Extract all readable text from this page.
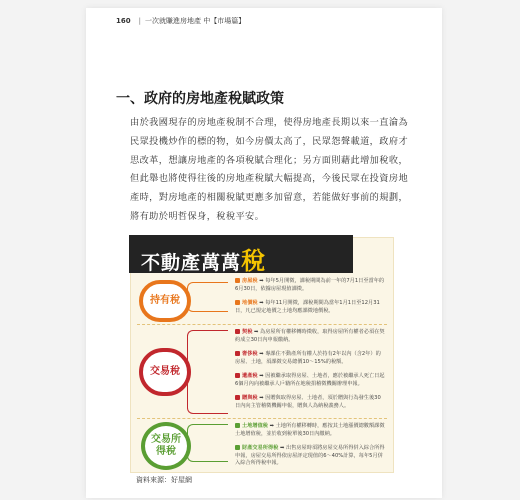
160 | 一次就賺進房地產 中【市場篇】
一、政府的房地產稅賦政策
由於我國現存的房地產稅制不合理，使得房地產長期以來一直淪為民眾投機炒作的標的物，如今房價太高了，民眾怨聲載道，政府才思改革，想讓房地產的各項稅賦合理化；另方面則藉此增加稅收，但此舉也將使得往後的房地產稅賦大幅提高，今後民眾在投資房地產時，對房地產的相關稅賦更應多加留意，若能做好事前的規劃，將有助於明哲保身，稅稅平安。
不動產萬萬稅
持有稅
房屋稅 ➡ 每年5月開徵，課稅期間為前一年的7月1日至當年的6月30日，依據房屋現值課徵。
地價稅 ➡ 每年11月開徵，課稅期間為當年1月1日至12月31日，凡已規定地價之土地均應課徵地價稅。
交易稅
契稅 ➡ 為房屋所有權移轉時徵收，取得房屋所有權者必須在契約成立30日內申報繳納。
奢侈稅 ➡ 專課住不動產所有權人於持有2年以內（含2年）的房屋、土地，須課徵交易總價10～15%的稅額。
遺產稅 ➡ 因被繼承取得房屋、土地者，應於被繼承人死亡日起6個月內向被繼承人戶籍所在地稅捐稽徵機關辦理申報。
贈與稅 ➡ 因贈與取得房屋、土地者，須於贈與行為發生後30日內向主管稽徵機關申報，贈與人為納稅義務人。
交易所得稅
土地增值稅 ➡ 土地所有權移轉時，應按其土地漲價總數額課徵土地增值稅，並於收到稅單後30日內繳納。
財產交易所得稅 ➡ 出售房屋時須將房屋交易所得併入綜合所得申報，房屋交易所得依房屋評定現值的6～40%計算，每年5月併入綜合所得稅申報。
資料來源：好屋網
